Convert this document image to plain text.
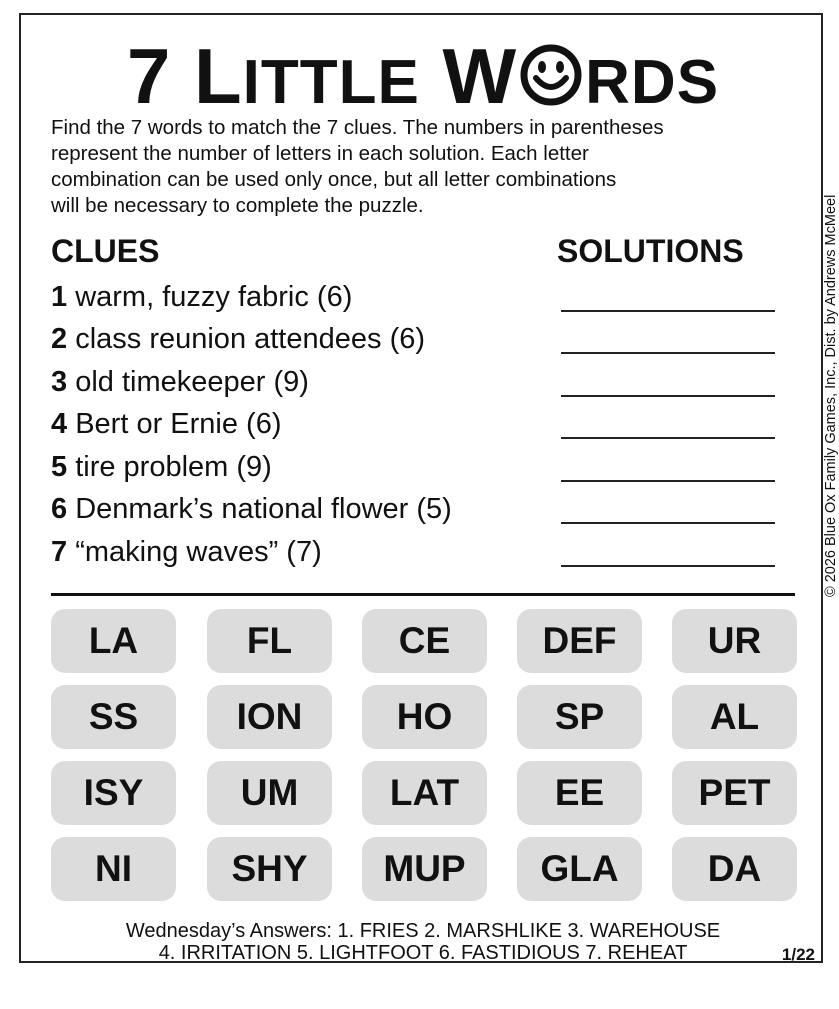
7 LITTLE W RDS
Find the 7 words to match the 7 clues. The numbers in parentheses
represent the number of letters in each solution. Each letter
combination can be used only once, but all letter combinations
will be necessary to complete the puzzle.
CLUES	SOLUTIONS
1 warm, fuzzy fabric (6)
2 class reunion attendees (6)
3 old timekeeper (9)
4 Bert or Ernie (6)
5 tire problem (9)
6 Denmark’s national flower (5)
7 “making waves” (7)
LA	FL	CE	DEF	UR
SS	ION	HO	SP	AL
ISY	UM	LAT	EE	PET
NI	SHY	MUP	GLA	DA
Wednesday’s Answers: 1. FRIES 2. MARSHLIKE 3. WAREHOUSE
4. IRRITATION 5. LIGHTFOOT 6. FASTIDIOUS 7. REHEAT	1/22
© 2026 Blue Ox Family Games, Inc., Dist. by Andrews McMeel
